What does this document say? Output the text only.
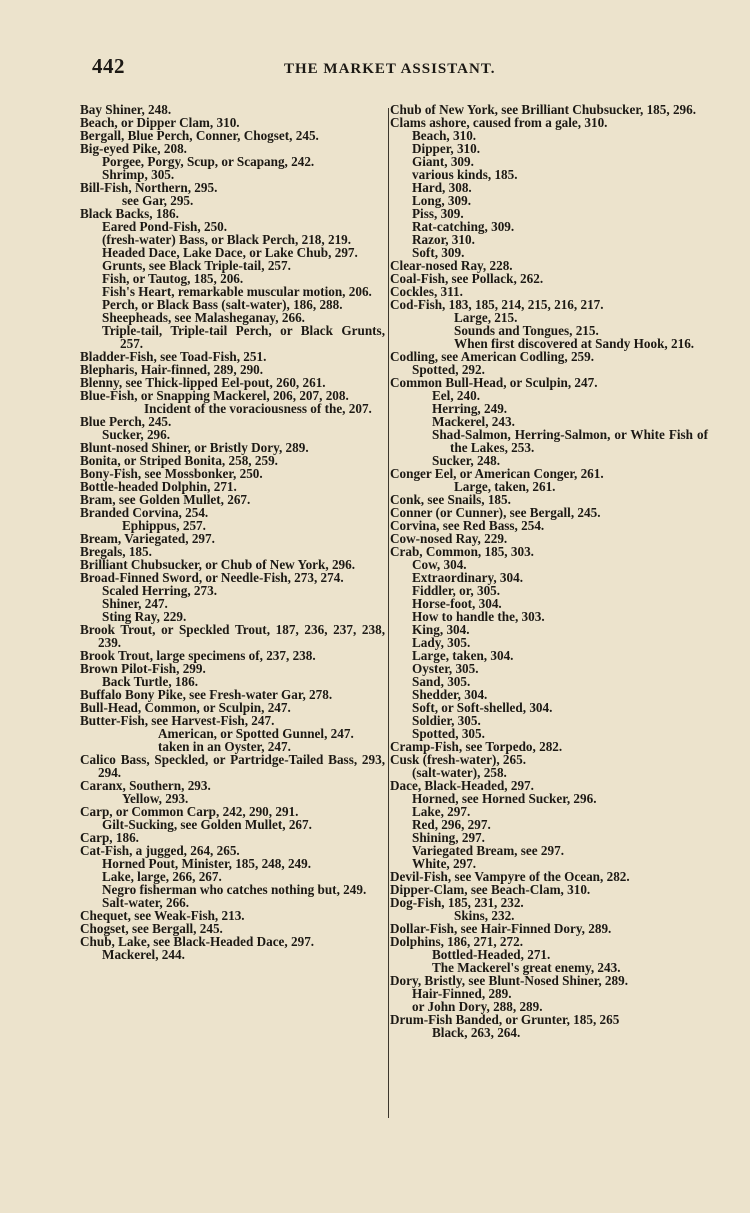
442	THE MARKET ASSISTANT.

Bay Shiner, 248.

Beach, or Dipper Clam, 310.

Bergall, Blue Perch, Conner, Chogset, 245.

Big-eyed Pike, 208.

Porgee, Porgy, Scup, or Scapang, 242.

Shrimp, 305.

Bill-Fish, Northern, 295.

see Gar, 295.

Black Backs, 186.

Eared Pond-Fish, 250.

(fresh-water) Bass, or Black Perch, 218, 219.

Headed Dace, Lake Dace, or Lake Chub, 297.

Grunts, see Black Triple-tail, 257.

Fish, or Tautog, 185, 206.

Fish's Heart, remarkable muscular motion, 206.

Perch, or Black Bass (salt-water), 186, 288.

Sheepheads, see Malasheganay, 266.

Triple-tail, Triple-tail Perch, or Black Grunts, 257.

Bladder-Fish, see Toad-Fish, 251.

Blepharis, Hair-finned, 289, 290.

Blenny, see Thick-lipped Eel-pout, 260, 261.

Blue-Fish, or Snapping Mackerel, 206, 207, 208.

Incident of the voraciousness of the, 207.

Blue Perch, 245.

Sucker, 296.

Blunt-nosed Shiner, or Bristly Dory, 289.

Bonita, or Striped Bonita, 258, 259.

Bony-Fish, see Mossbonker, 250.

Bottle-headed Dolphin, 271.

Bram, see Golden Mullet, 267.

Branded Corvina, 254.

Ephippus, 257.

Bream, Variegated, 297.

Bregals, 185.

Brilliant Chubsucker, or Chub of New York, 296.

Broad-Finned Sword, or Needle-Fish, 273, 274.

Scaled Herring, 273.

Shiner, 247.

Sting Ray, 229.

Brook Trout, or Speckled Trout, 187, 236, 237, 238, 239.

Brook Trout, large specimens of, 237, 238.

Brown Pilot-Fish, 299.

Back Turtle, 186.

Buffalo Bony Pike, see Fresh-water Gar, 278.

Bull-Head, Common, or Sculpin, 247.

Butter-Fish, see Harvest-Fish, 247.

American, or Spotted Gunnel, 247.

taken in an Oyster, 247.

Calico Bass, Speckled, or Partridge-Tailed Bass, 293, 294.

Caranx, Southern, 293.

Yellow, 293.

Carp, or Common Carp, 242, 290, 291.

Gilt-Sucking, see Golden Mullet, 267.

Carp, 186.

Cat-Fish, a jugged, 264, 265.

Horned Pout, Minister, 185, 248, 249.

Lake, large, 266, 267.

Negro fisherman who catches nothing but, 249.

Salt-water, 266.

Chequet, see Weak-Fish, 213.

Chogset, see Bergall, 245.

Chub, Lake, see Black-Headed Dace, 297.

Mackerel, 244.

Chub of New York, see Brilliant Chubsucker, 185, 296.

Clams ashore, caused from a gale, 310.

Beach, 310.

Dipper, 310.

Giant, 309.

various kinds, 185.

Hard, 308.

Long, 309.

Piss, 309.

Rat-catching, 309.

Razor, 310.

Soft, 309.

Clear-nosed Ray, 228.

Coal-Fish, see Pollack, 262.

Cockles, 311.

Cod-Fish, 183, 185, 214, 215, 216, 217.

Large, 215.

Sounds and Tongues, 215.

When first discovered at Sandy Hook, 216.

Codling, see American Codling, 259.

Spotted, 292.

Common Bull-Head, or Sculpin, 247.

Eel, 240.

Herring, 249.

Mackerel, 243.

Shad-Salmon, Herring-Salmon, or White Fish of the Lakes, 253.

Sucker, 248.

Conger Eel, or American Conger, 261.

Large, taken, 261.

Conk, see Snails, 185.

Conner (or Cunner), see Bergall, 245.

Corvina, see Red Bass, 254.

Cow-nosed Ray, 229.

Crab, Common, 185, 303.

Cow, 304.

Extraordinary, 304.

Fiddler, or, 305.

Horse-foot, 304.

How to handle the, 303.

King, 304.

Lady, 305.

Large, taken, 304.

Oyster, 305.

Sand, 305.

Shedder, 304.

Soft, or Soft-shelled, 304.

Soldier, 305.

Spotted, 305.

Cramp-Fish, see Torpedo, 282.

Cusk (fresh-water), 265.

(salt-water), 258.

Dace, Black-Headed, 297.

Horned, see Horned Sucker, 296.

Lake, 297.

Red, 296, 297.

Shining, 297.

Variegated Bream, see 297.

White, 297.

Devil-Fish, see Vampyre of the Ocean, 282.

Dipper-Clam, see Beach-Clam, 310.

Dog-Fish, 185, 231, 232.

Skins, 232.

Dollar-Fish, see Hair-Finned Dory, 289.

Dolphins, 186, 271, 272.

Bottled-Headed, 271.

The Mackerel's great enemy, 243.

Dory, Bristly, see Blunt-Nosed Shiner, 289.

Hair-Finned, 289.

or John Dory, 288, 289.

Drum-Fish Banded, or Grunter, 185, 265

Black, 263, 264.
